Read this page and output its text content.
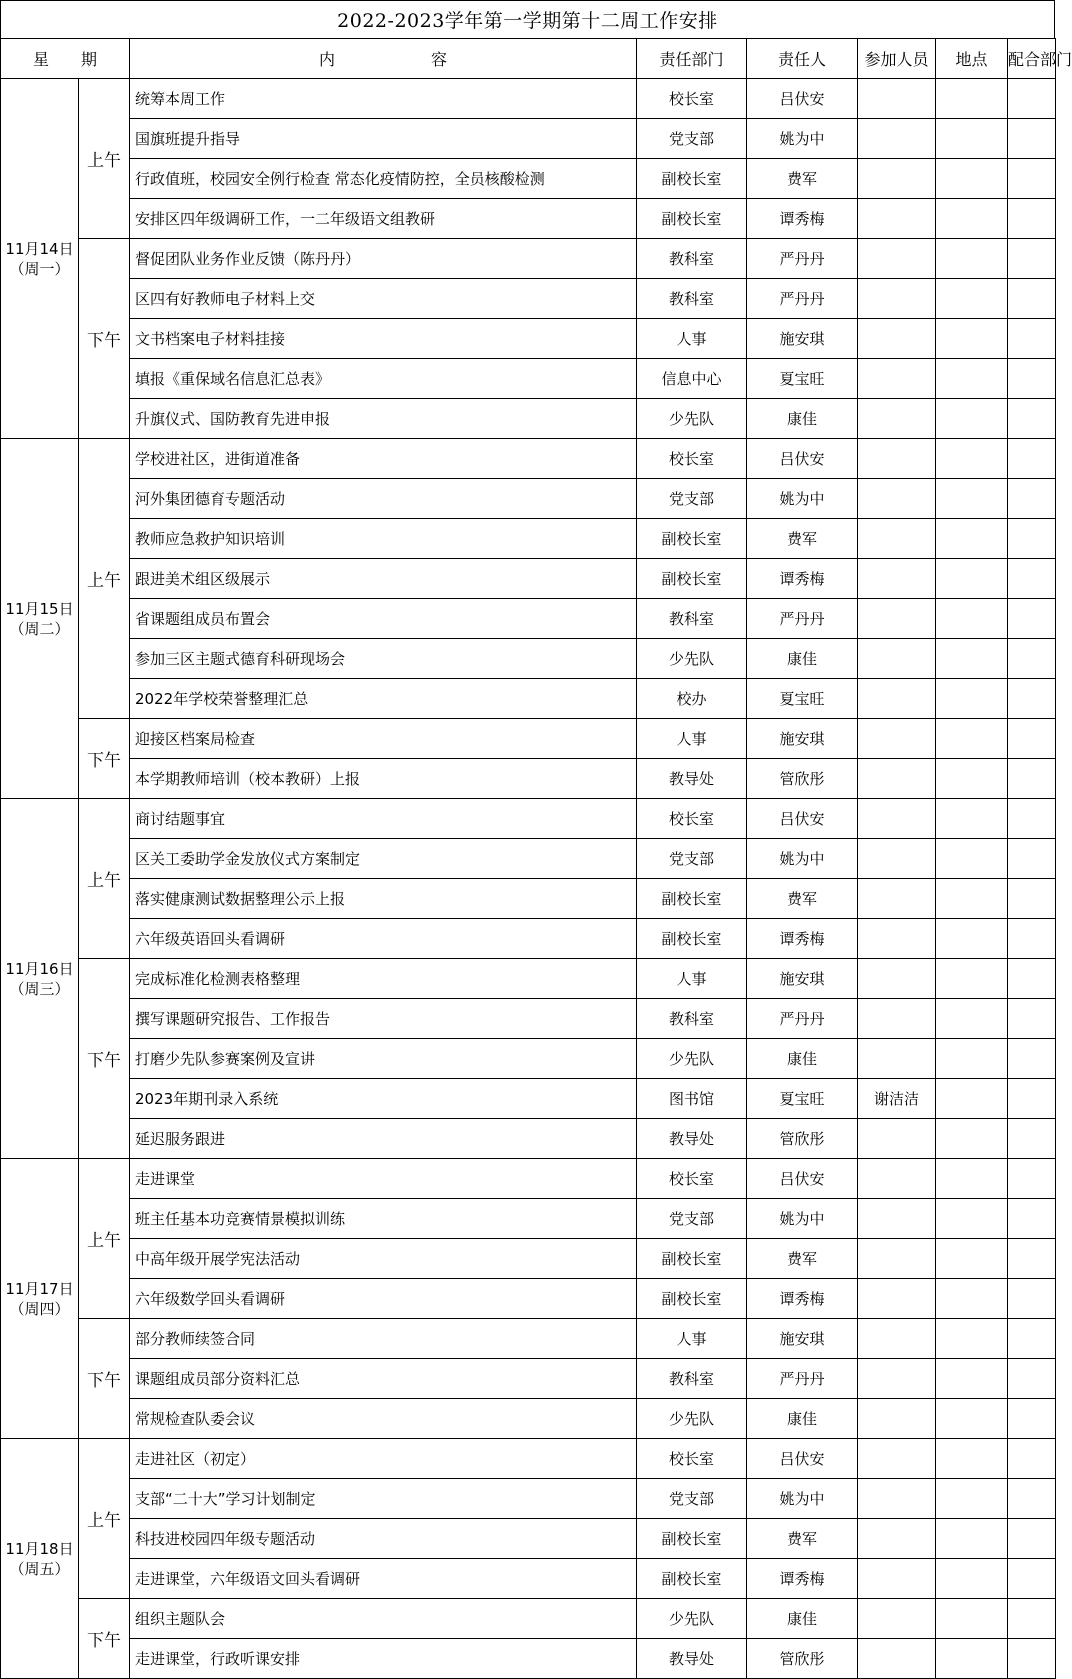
2022-2023学年第一学期第十二周工作安排
星　　期		内　　　　　　容	责任部门	责任人	参加人员	地点	配合部门

11月14日
（周一）	上午	统筹本周工作	校长室	吕伏安			
		国旗班提升指导	党支部	姚为中			
		行政值班，校园安全例行检查 常态化疫情防控，全员核酸检测	副校长室	费军			
		安排区四年级调研工作，一二年级语文组教研	副校长室	谭秀梅			
	下午	督促团队业务作业反馈（陈丹丹）	教科室	严丹丹			
		区四有好教师电子材料上交	教科室	严丹丹			
		文书档案电子材料挂接	人事	施安琪			
		填报《重保域名信息汇总表》	信息中心	夏宝旺			
		升旗仪式、国防教育先进申报	少先队	康佳			

11月15日
（周二）	上午	学校进社区，进街道准备	校长室	吕伏安			
		河外集团德育专题活动	党支部	姚为中			
		教师应急救护知识培训	副校长室	费军			
		跟进美术组区级展示	副校长室	谭秀梅			
		省课题组成员布置会	教科室	严丹丹			
		参加三区主题式德育科研现场会	少先队	康佳			
		2022年学校荣誉整理汇总	校办	夏宝旺			
	下午	迎接区档案局检查	人事	施安琪			
		本学期教师培训（校本教研）上报	教导处	管欣彤			

11月16日
（周三）	上午	商讨结题事宜	校长室	吕伏安			
		区关工委助学金发放仪式方案制定	党支部	姚为中			
		落实健康测试数据整理公示上报	副校长室	费军			
		六年级英语回头看调研	副校长室	谭秀梅			
	下午	完成标准化检测表格整理	人事	施安琪			
		撰写课题研究报告、工作报告	教科室	严丹丹			
		打磨少先队参赛案例及宣讲	少先队	康佳			
		2023年期刊录入系统	图书馆	夏宝旺	谢洁洁		
		延迟服务跟进	教导处	管欣彤			

11月17日
（周四）	上午	走进课堂	校长室	吕伏安			
		班主任基本功竞赛情景模拟训练	党支部	姚为中			
		中高年级开展学宪法活动	副校长室	费军			
		六年级数学回头看调研	副校长室	谭秀梅			
	下午	部分教师续签合同	人事	施安琪			
		课题组成员部分资料汇总	教科室	严丹丹			
		常规检查队委会议	少先队	康佳			

11月18日
（周五）	上午	走进社区（初定）	校长室	吕伏安			
		支部“二十大”学习计划制定	党支部	姚为中			
		科技进校园四年级专题活动	副校长室	费军			
		走进课堂，六年级语文回头看调研	副校长室	谭秀梅			
	下午	组织主题队会	少先队	康佳			
		走进课堂，行政听课安排	教导处	管欣彤			
